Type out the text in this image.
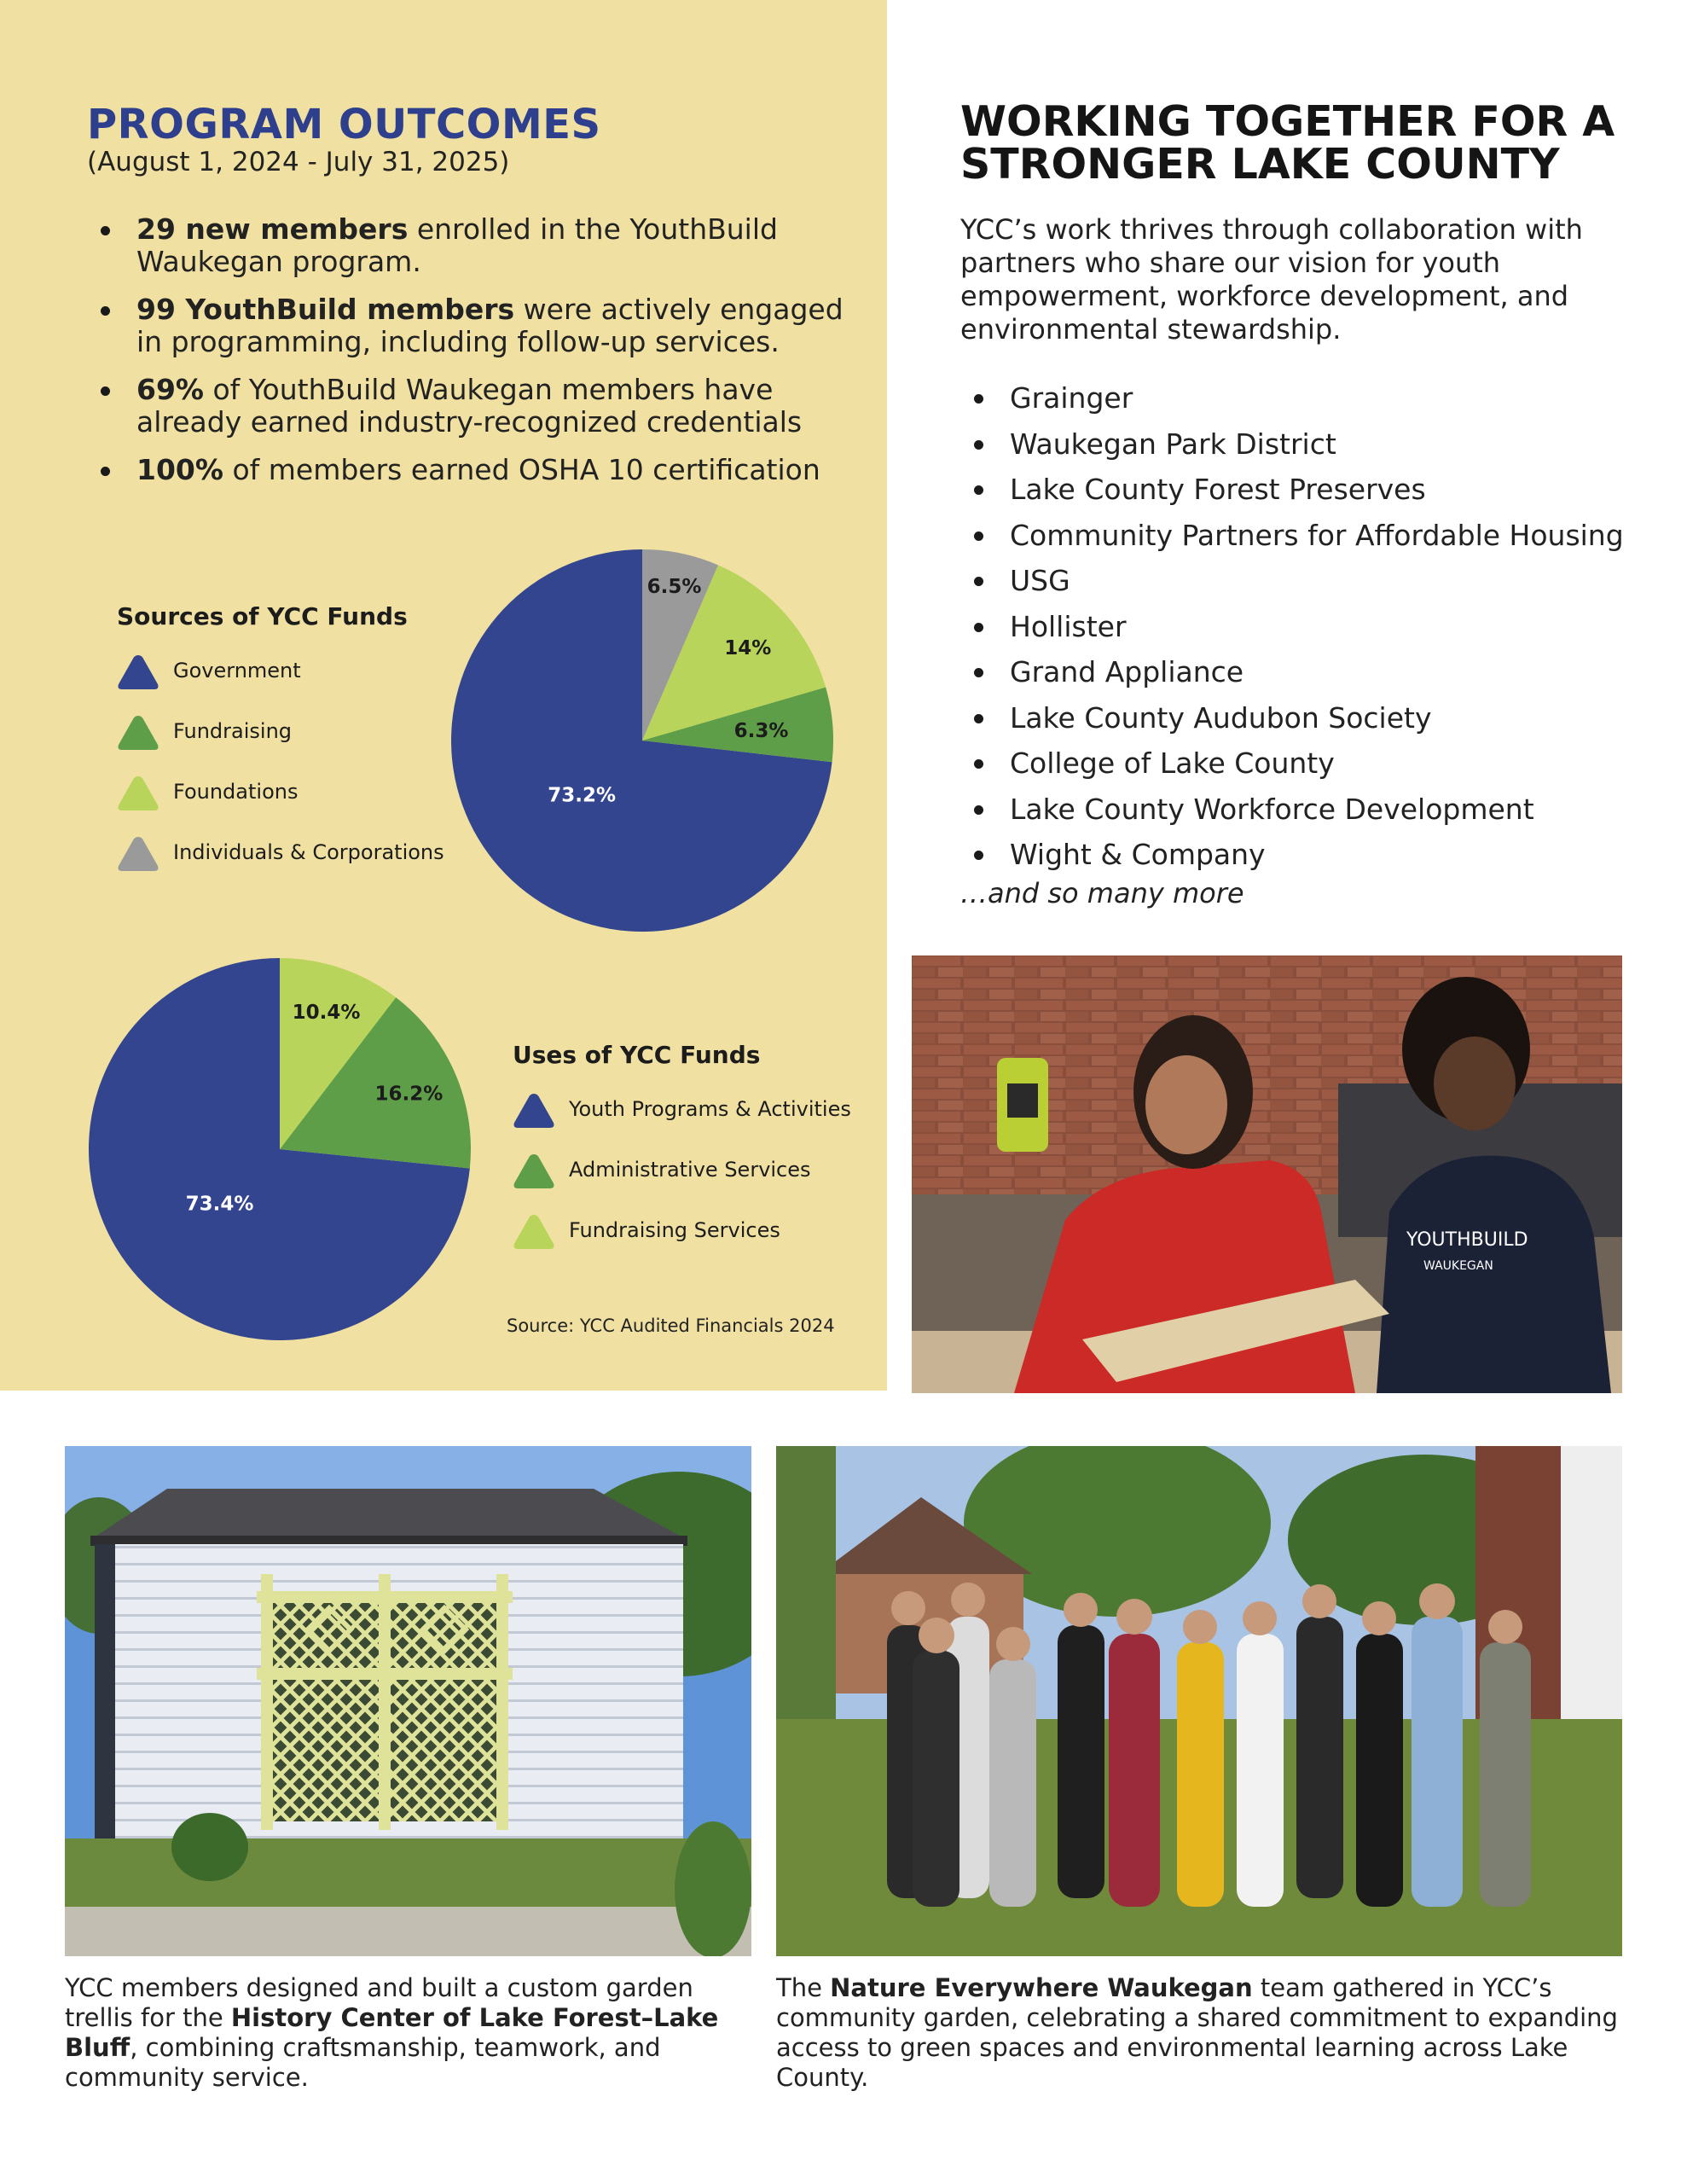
PROGRAM OUTCOMES
(August 1, 2024 - July 31, 2025)
29 new members enrolled in the YouthBuild Waukegan program.
99 YouthBuild members were actively engaged in programming, including follow-up services.
69% of YouthBuild Waukegan members have already earned industry-recognized credentials
100% of members earned OSHA 10 certification
Sources of YCC Funds
Government
Fundraising
Foundations
Individuals & Corporations
73.2%
6.3%
14%
6.5%
73.4%
16.2%
10.4%
Uses of YCC Funds
Youth Programs & Activities
Administrative Services
Fundraising Services
Source: YCC Audited Financials 2024
WORKING TOGETHER FOR A
STRONGER LAKE COUNTY
YCC’s work thrives through collaboration with partners who share our vision for youth empowerment, workforce development, and environmental stewardship.
Grainger
Waukegan Park District
Lake County Forest Preserves
Community Partners for Affordable Housing
USG
Hollister
Grand Appliance
Lake County Audubon Society
College of Lake County
Lake County Workforce Development
Wight & Company
…and so many more
YOUTHBUILD
WAUKEGAN
YCC members designed and built a custom garden trellis for the History Center of Lake Forest–Lake Bluff, combining craftsmanship, teamwork, and community service.
The Nature Everywhere Waukegan team gathered in YCC’s community garden, celebrating a shared commitment to expanding access to green spaces and environmental learning across Lake County.
